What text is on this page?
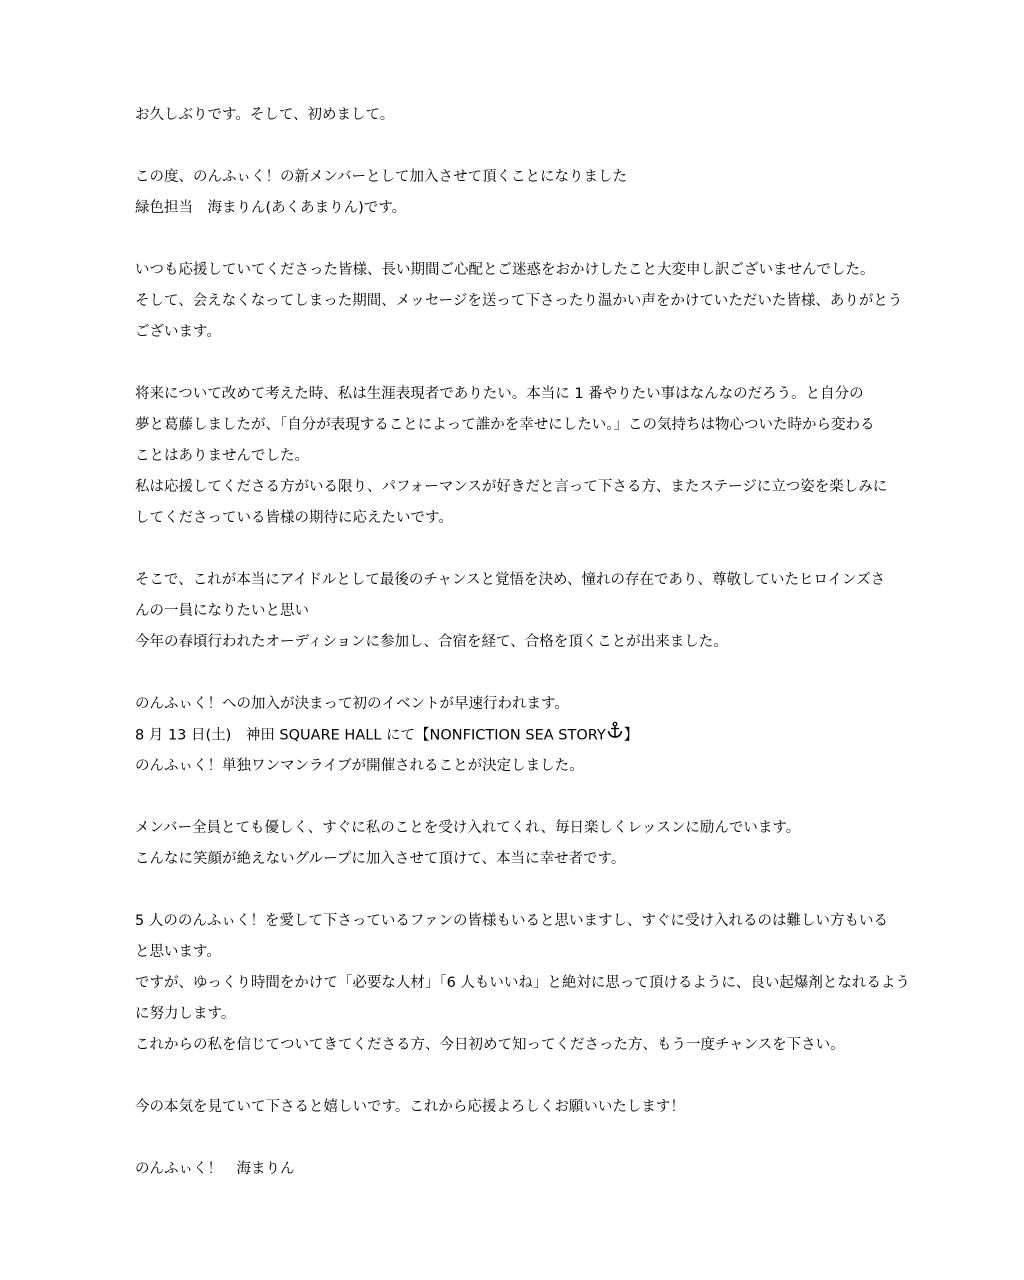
お久しぶりです。そして、初めまして。
この度、のんふぃく！の新メンバーとして加入させて頂くことになりました
緑色担当　海まりん(あくあまりん)です。
いつも応援していてくださった皆様、長い期間ご心配とご迷惑をおかけしたこと大変申し訳ございませんでした。
そして、会えなくなってしまった期間、メッセージを送って下さったり温かい声をかけていただいた皆様、ありがとう
ございます。
将来について改めて考えた時、私は生涯表現者でありたい。本当に 1 番やりたい事はなんなのだろう。と自分の
夢と葛藤しましたが、「自分が表現することによって誰かを幸せにしたい。」この気持ちは物心ついた時から変わる
ことはありませんでした。
私は応援してくださる方がいる限り、パフォーマンスが好きだと言って下さる方、またステージに立つ姿を楽しみに
してくださっている皆様の期待に応えたいです。
そこで、これが本当にアイドルとして最後のチャンスと覚悟を決め、憧れの存在であり、尊敬していたヒロインズさ
んの一員になりたいと思い
今年の春頃行われたオーディションに参加し、合宿を経て、合格を頂くことが出来ました。
のんふぃく！への加入が決まって初のイベントが早速行われます。
8 月 13 日(土)　神田 SQUARE HALL にて【NONFICTION SEA STORY 】
のんふぃく！単独ワンマンライブが開催されることが決定しました。
メンバー全員とても優しく、すぐに私のことを受け入れてくれ、毎日楽しくレッスンに励んでいます。
こんなに笑顔が絶えないグループに加入させて頂けて、本当に幸せ者です。
5 人ののんふぃく！を愛して下さっているファンの皆様もいると思いますし、すぐに受け入れるのは難しい方もいる
と思います。
ですが、ゆっくり時間をかけて「必要な人材」「6 人もいいね」と絶対に思って頂けるように、良い起爆剤となれるよう
に努力します。
これからの私を信じてついてきてくださる方、今日初めて知ってくださった方、もう一度チャンスを下さい。
今の本気を見ていて下さると嬉しいです。これから応援よろしくお願いいたします！
のんふぃく！　海まりん
